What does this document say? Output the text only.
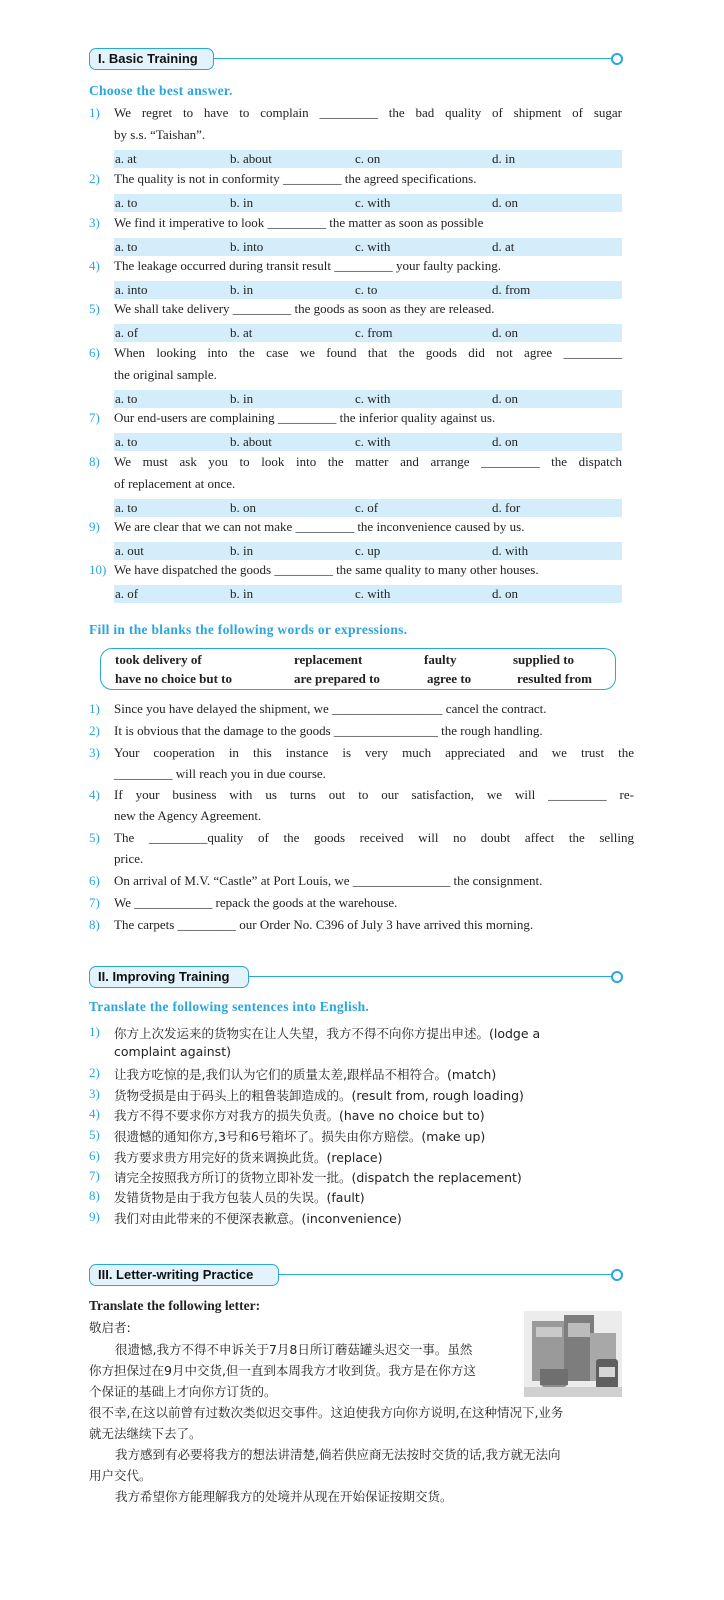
I. Basic Training
Choose the best answer.
1) We regret to have to complain _________ the bad quality of shipment of sugar
by s.s. “Taishan”.
a. at	b. about	c. on	d. in
2) The quality is not in conformity _________ the agreed specifications.
a. to	b. in	c. with	d. on
3) We find it imperative to look _________ the matter as soon as possible
a. to	b. into	c. with	d. at
4) The leakage occurred during transit result _________ your faulty packing.
a. into	b. in	c. to	d. from
5) We shall take delivery _________ the goods as soon as they are released.
a. of	b. at	c. from	d. on
6) When looking into the case we found that the goods did not agree _________
the original sample.
a. to	b. in	c. with	d. on
7) Our end-users are complaining _________ the inferior quality against us.
a. to	b. about	c. with	d. on
8) We must ask you to look into the matter and arrange _________ the dispatch
of replacement at once.
a. to	b. on	c. of	d. for
9) We are clear that we can not make _________ the inconvenience caused by us.
a. out	b. in	c. up	d. with
10) We have dispatched the goods _________ the same quality to many other houses.
a. of	b. in	c. with	d. on
Fill in the blanks the following words or expressions.
took delivery of	replacement	faulty	supplied to
have no choice but to	are prepared to	agree to	resulted from
1) Since you have delayed the shipment, we _________________ cancel the contract.
2) It is obvious that the damage to the goods ________________ the rough handling.
3) Your cooperation in this instance is very much appreciated and we trust the
_________ will reach you in due course.
4) If your business with us turns out to our satisfaction, we will _________ re-
new the Agency Agreement.
5) The _________quality of the goods received will no doubt affect the selling
price.
6) On arrival of M.V. “Castle” at Port Louis, we _______________ the consignment.
7) We ____________ repack the goods at the warehouse.
8) The carpets _________ our Order No. C396 of July 3 have arrived this morning.
II. Improving Training
Translate the following sentences into English.
1) 你方上次发运来的货物实在让人失望，我方不得不向你方提出申述。(lodge a
complaint against)
2) 让我方吃惊的是,我们认为它们的质量太差,跟样品不相符合。(match)
3) 货物受损是由于码头上的粗鲁装卸造成的。(result from, rough loading)
4) 我方不得不要求你方对我方的损失负责。(have no choice but to)
5) 很遗憾的通知你方,3号和6号箱坏了。损失由你方赔偿。(make up)
6) 我方要求贵方用完好的货来调换此货。(replace)
7) 请完全按照我方所订的货物立即补发一批。(dispatch the replacement)
8) 发错货物是由于我方包装人员的失误。(fault)
9) 我们对由此带来的不便深表歉意。(inconvenience)
III. Letter-writing Practice
Translate the following letter:
敬启者:
很遗憾,我方不得不申诉关于7月8日所订蘑菇罐头迟交一事。虽然
你方担保过在9月中交货,但一直到本周我方才收到货。我方是在你方这
个保证的基础上才向你方订货的。
很不幸,在这以前曾有过数次类似迟交事件。这迫使我方向你方说明,在这种情况下,业务
就无法继续下去了。
我方感到有必要将我方的想法讲清楚,倘若供应商无法按时交货的话,我方就无法向
用户交代。
我方希望你方能理解我方的处境并从现在开始保证按期交货。
